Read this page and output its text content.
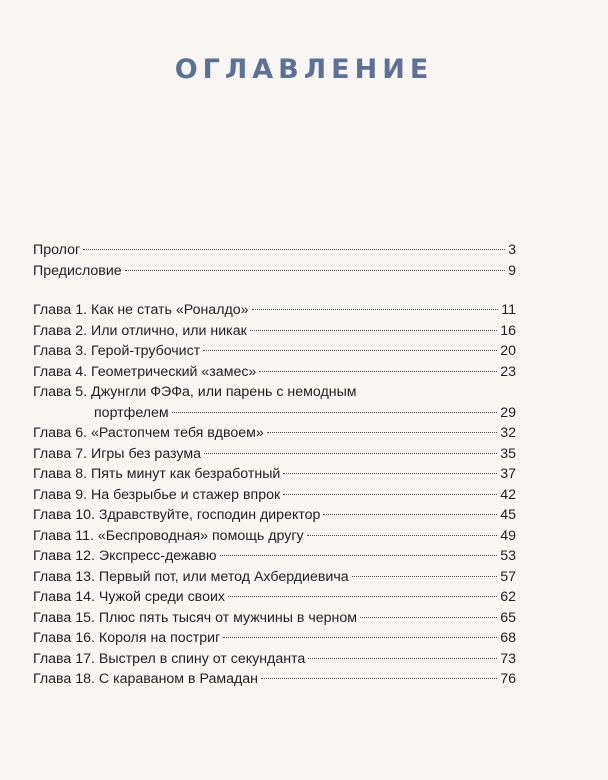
ОГЛАВЛЕНИЕ
Пролог	3
Предисловие	9
Глава 1. Как не стать «Роналдо»	11
Глава 2. Или отлично, или никак	16
Глава 3. Герой-трубочист	20
Глава 4. Геометрический «замес»	23
Глава 5. Джунгли ФЭФа, или парень с немодным
портфелем	29
Глава 6. «Растопчем тебя вдвоем»	32
Глава 7. Игры без разума	35
Глава 8. Пять минут как безработный	37
Глава 9. На безрыбье и стажер впрок	42
Глава 10. Здравствуйте, господин директор	45
Глава 11. «Беспроводная» помощь другу	49
Глава 12. Экспресс-дежавю	53
Глава 13. Первый пот, или метод Ахбердиевича	57
Глава 14. Чужой среди своих	62
Глава 15. Плюс пять тысяч от мужчины в черном	65
Глава 16. Короля на постриг	68
Глава 17. Выстрел в спину от секунданта	73
Глава 18. С караваном в Рамадан	76
